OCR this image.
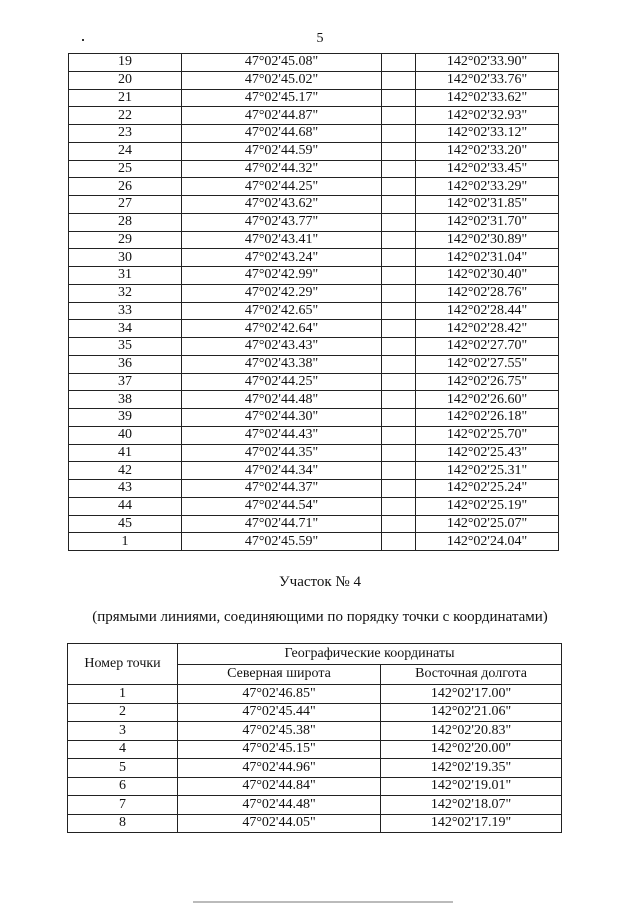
5
19	47°02'45.08"		142°02'33.90"
20	47°02'45.02"		142°02'33.76"
21	47°02'45.17"		142°02'33.62"
22	47°02'44.87"		142°02'32.93"
23	47°02'44.68"		142°02'33.12"
24	47°02'44.59"		142°02'33.20"
25	47°02'44.32"		142°02'33.45"
26	47°02'44.25"		142°02'33.29"
27	47°02'43.62"		142°02'31.85"
28	47°02'43.77"		142°02'31.70"
29	47°02'43.41"		142°02'30.89"
30	47°02'43.24"		142°02'31.04"
31	47°02'42.99"		142°02'30.40"
32	47°02'42.29"		142°02'28.76"
33	47°02'42.65"		142°02'28.44"
34	47°02'42.64"		142°02'28.42"
35	47°02'43.43"		142°02'27.70"
36	47°02'43.38"		142°02'27.55"
37	47°02'44.25"		142°02'26.75"
38	47°02'44.48"		142°02'26.60"
39	47°02'44.30"		142°02'26.18"
40	47°02'44.43"		142°02'25.70"
41	47°02'44.35"		142°02'25.43"
42	47°02'44.34"		142°02'25.31"
43	47°02'44.37"		142°02'25.24"
44	47°02'44.54"		142°02'25.19"
45	47°02'44.71"		142°02'25.07"
1	47°02'45.59"		142°02'24.04"
Участок № 4
(прямыми линиями, соединяющими по порядку точки с координатами)
Номер точки	Географические координаты	
	Северная широта	Восточная долгота
1	47°02'46.85"	142°02'17.00"
2	47°02'45.44"	142°02'21.06"
3	47°02'45.38"	142°02'20.83"
4	47°02'45.15"	142°02'20.00"
5	47°02'44.96"	142°02'19.35"
6	47°02'44.84"	142°02'19.01"
7	47°02'44.48"	142°02'18.07"
8	47°02'44.05"	142°02'17.19"
